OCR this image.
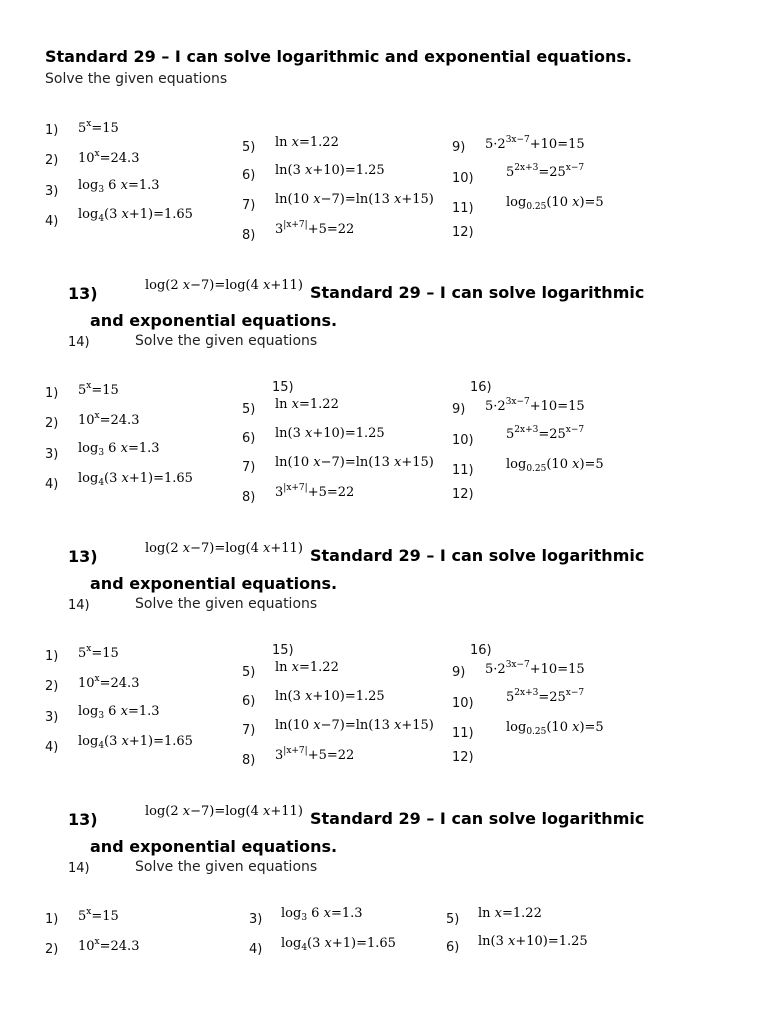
Standard 29 – I can solve logarithmic and exponential equations.
Solve the given equations
1) $5^x=15$
2) $10^x=24.3$
3) $\log_3 6$ x=1.3
4) $\log_4(3$ x+1)=1.65
5) ln x=1.22
6) ln(3 x+10)=1.25
7) ln(10 x−7)=ln(13 x+15)
8) $3^{|x+7|}+5=22$
9) $5\cdot 2^{3x-7}+10=15$
10) $5^{2x+3}=25^{x-7}$
11) $\log_{0.25}(10$ x)=5
12)
13)	log(2 x−7)=log(4 x+11) Standard 29 – I can solve logarithmic
and exponential equations.
14)	Solve the given equations
1) $5^x=15$
2) $10^x=24.3$
3) $\log_3 6$ x=1.3
4) $\log_4(3$ x+1)=1.65
15)
5) ln x=1.22
6) ln(3 x+10)=1.25
7) ln(10 x−7)=ln(13 x+15)
8) $3^{|x+7|}+5=22$
16)
9) $5\cdot 2^{3x-7}+10=15$
10) $5^{2x+3}=25^{x-7}$
11) $\log_{0.25}(10$ x)=5
12)
13)	log(2 x−7)=log(4 x+11) Standard 29 – I can solve logarithmic
and exponential equations.
14)	Solve the given equations
1) $5^x=15$
2) $10^x=24.3$
3) $\log_3 6$ x=1.3
4) $\log_4(3$ x+1)=1.65
15)
5) ln x=1.22
6) ln(3 x+10)=1.25
7) ln(10 x−7)=ln(13 x+15)
8) $3^{|x+7|}+5=22$
16)
9) $5\cdot 2^{3x-7}+10=15$
10) $5^{2x+3}=25^{x-7}$
11) $\log_{0.25}(10$ x)=5
12)
13)	log(2 x−7)=log(4 x+11) Standard 29 – I can solve logarithmic
and exponential equations.
14)	Solve the given equations
1) $5^x=15$
2) $10^x=24.3$
3) $\log_3 6$ x=1.3
4) $\log_4(3$ x+1)=1.65
5) ln x=1.22
6) ln(3 x+10)=1.25
